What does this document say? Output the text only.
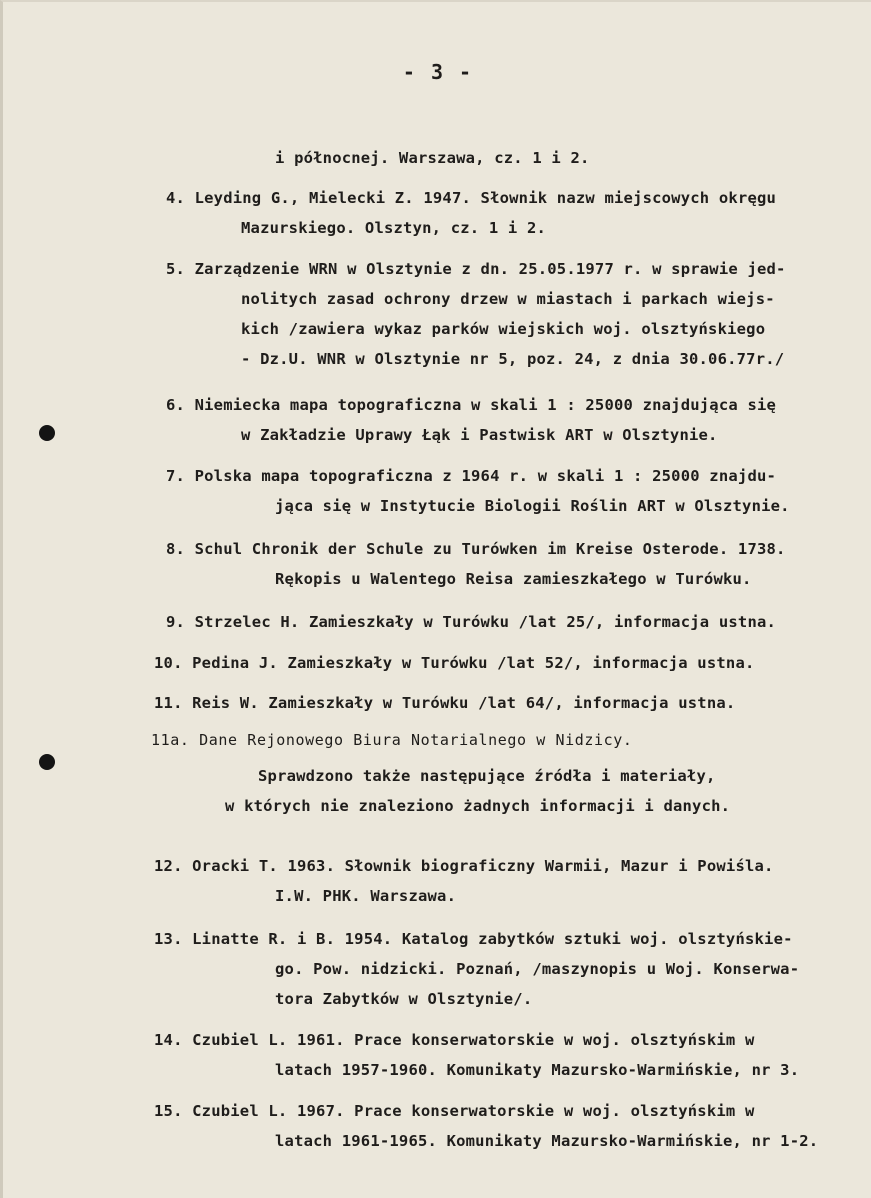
- 3 -
i północnej. Warszawa, cz. 1 i 2.
4. Leyding G., Mielecki Z. 1947. Słownik nazw miejscowych okręgu
Mazurskiego. Olsztyn, cz. 1 i 2.
5. Zarządzenie WRN w Olsztynie z dn. 25.05.1977 r. w sprawie jed-
nolitych zasad ochrony drzew w miastach i parkach wiejs-
kich /zawiera wykaz parków wiejskich woj. olsztyńskiego
- Dz.U. WNR w Olsztynie nr 5, poz. 24, z dnia 30.06.77r./
6. Niemiecka mapa topograficzna w skali 1 : 25000 znajdująca się
w Zakładzie Uprawy Łąk i Pastwisk ART w Olsztynie.
7. Polska mapa topograficzna z 1964 r. w skali 1 : 25000 znajdu-
jąca się w Instytucie Biologii Roślin ART w Olsztynie.
8. Schul Chronik der Schule zu Turówken im Kreise Osterode. 1738.
Rękopis u Walentego Reisa zamieszkałego w Turówku.
9. Strzelec H. Zamieszkały w Turówku /lat 25/, informacja ustna.
10. Pedina J. Zamieszkały w Turówku /lat 52/, informacja ustna.
11. Reis W. Zamieszkały w Turówku /lat 64/, informacja ustna.
11a. Dane Rejonowego Biura Notarialnego w Nidzicy.
Sprawdzono także następujące źródła i materiały,
w których nie znaleziono żadnych informacji i danych.
12. Oracki T. 1963. Słownik biograficzny Warmii, Mazur i Powiśla.
I.W. PHK. Warszawa.
13. Linatte R. i B. 1954. Katalog zabytków sztuki woj. olsztyńskie-
go. Pow. nidzicki. Poznań, /maszynopis u Woj. Konserwa-
tora Zabytków w Olsztynie/.
14. Czubiel L. 1961. Prace konserwatorskie w woj. olsztyńskim w
latach 1957-1960. Komunikaty Mazursko-Warmińskie, nr 3.
15. Czubiel L. 1967. Prace konserwatorskie w woj. olsztyńskim w
latach 1961-1965. Komunikaty Mazursko-Warmińskie, nr 1-2.
